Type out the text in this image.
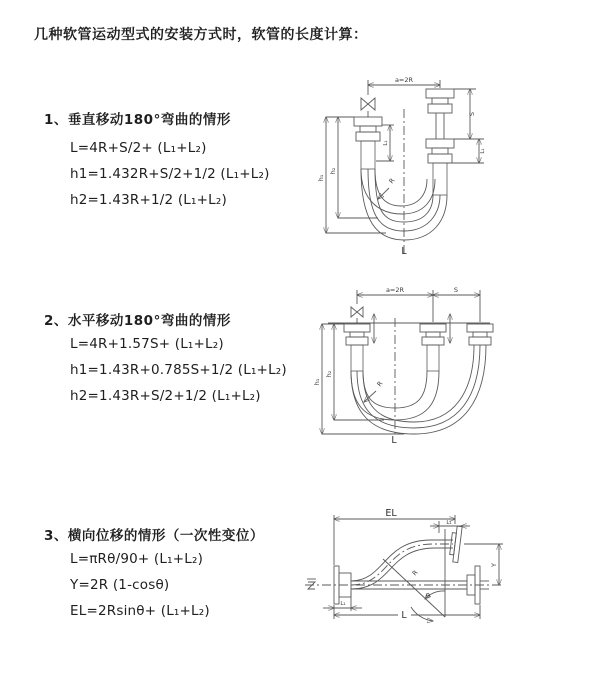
几种软管运动型式的安装方式时，软管的长度计算：
1、垂直移动180°弯曲的情形
L=4R+S/2+ (L₁+L₂)
h1=1.432R+S/2+1/2 (L₁+L₂)
h2=1.43R+1/2 (L₁+L₂)
2、水平移动180°弯曲的情形
L=4R+1.57S+ (L₁+L₂)
h1=1.43R+0.785S+1/2 (L₁+L₂)
h2=1.43R+S/2+1/2 (L₁+L₂)
3、横向位移的情形（一次性变位）
L=πRθ/90+ (L₁+L₂)
Y=2R (1-cosθ)
EL=2Rsinθ+ (L₁+L₂)
a=2R
h₁
h₂
L₁
S
L₁
R
L
a=2R	S
h₁
h₂
R
L
EL
L₁
Y
θ
R
L
L₁
